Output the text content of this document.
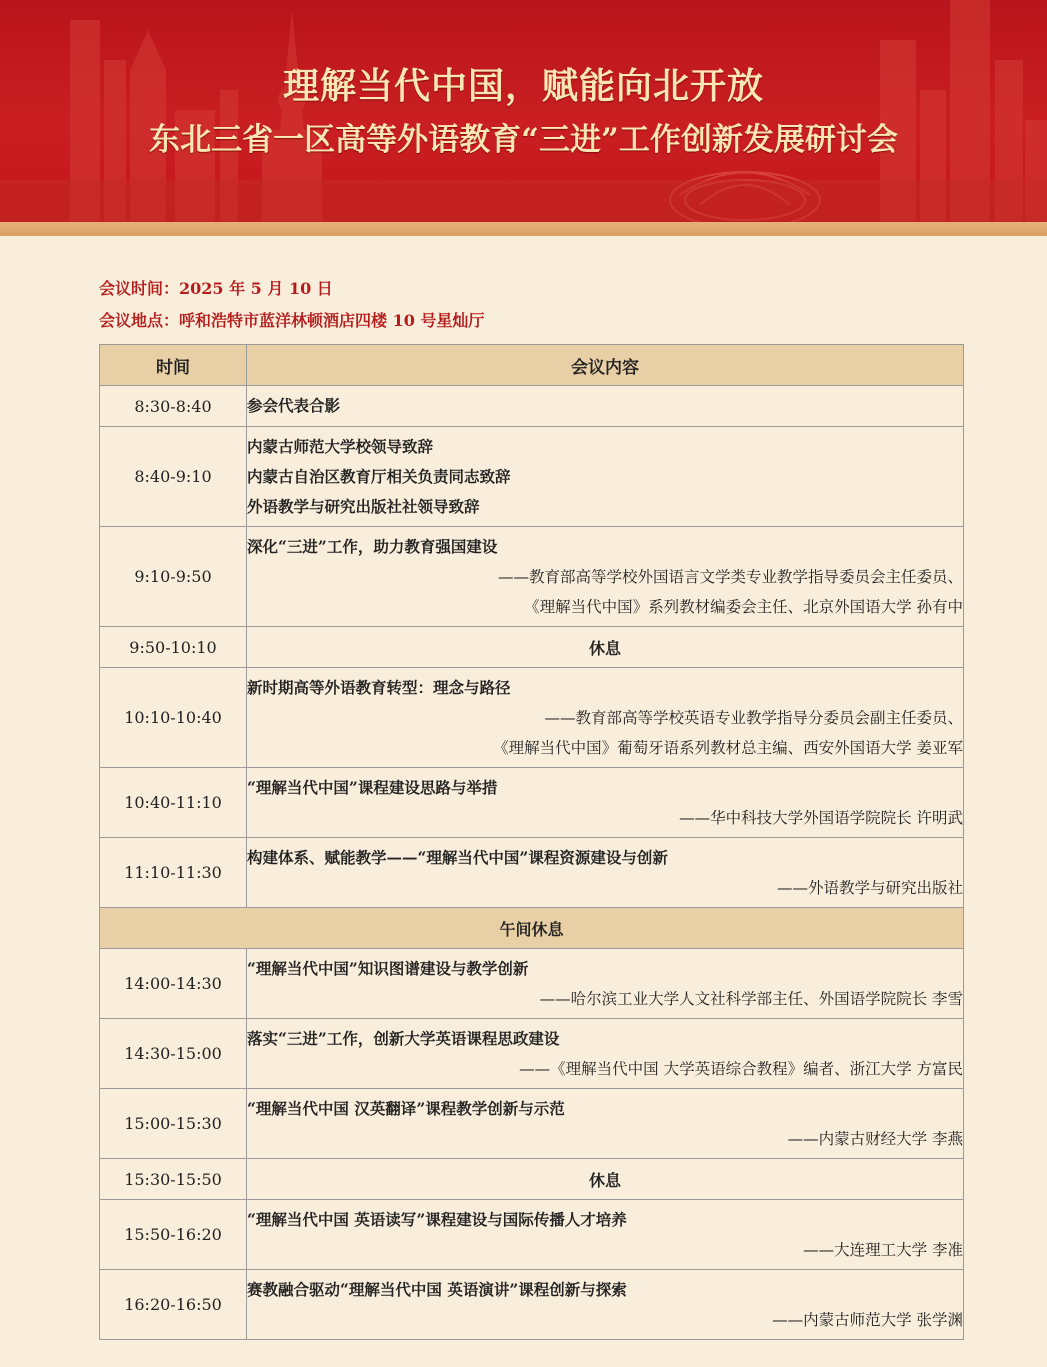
理解当代中国，赋能向北开放
东北三省一区高等外语教育“三进”工作创新发展研讨会
会议时间：2025 年 5 月 10 日
会议地点：呼和浩特市蓝洋林顿酒店四楼 10 号星灿厅
时间	会议内容
8:30-8:40	参会代表合影

8:40-9:10	内蒙古师范大学校领导致辞
内蒙古自治区教育厅相关负责同志致辞
外语教学与研究出版社社领导致辞

9:10-9:50	深化“三进”工作，助力教育强国建设
——教育部高等学校外国语言文学类专业教学指导委员会主任委员、
《理解当代中国》系列教材编委会主任、北京外国语大学 孙有中

9:50-10:10	休息
10:10-10:40	新时期高等外语教育转型：理念与路径
——教育部高等学校英语专业教学指导分委员会副主任委员、
《理解当代中国》葡萄牙语系列教材总主编、西安外国语大学 姜亚军

10:40-11:10	“理解当代中国”课程建设思路与举措
——华中科技大学外国语学院院长 许明武

11:10-11:30	构建体系、赋能教学——“理解当代中国”课程资源建设与创新
——外语教学与研究出版社

午间休息	
14:00-14:30	“理解当代中国”知识图谱建设与教学创新
——哈尔滨工业大学人文社科学部主任、外国语学院院长 李雪

14:30-15:00	落实“三进”工作，创新大学英语课程思政建设
——《理解当代中国 大学英语综合教程》编者、浙江大学 方富民

15:00-15:30	“理解当代中国 汉英翻译”课程教学创新与示范
——内蒙古财经大学 李燕

15:30-15:50	休息
15:50-16:20	“理解当代中国 英语读写”课程建设与国际传播人才培养
——大连理工大学 李准

16:20-16:50	赛教融合驱动“理解当代中国 英语演讲”课程创新与探索
——内蒙古师范大学 张学渊
